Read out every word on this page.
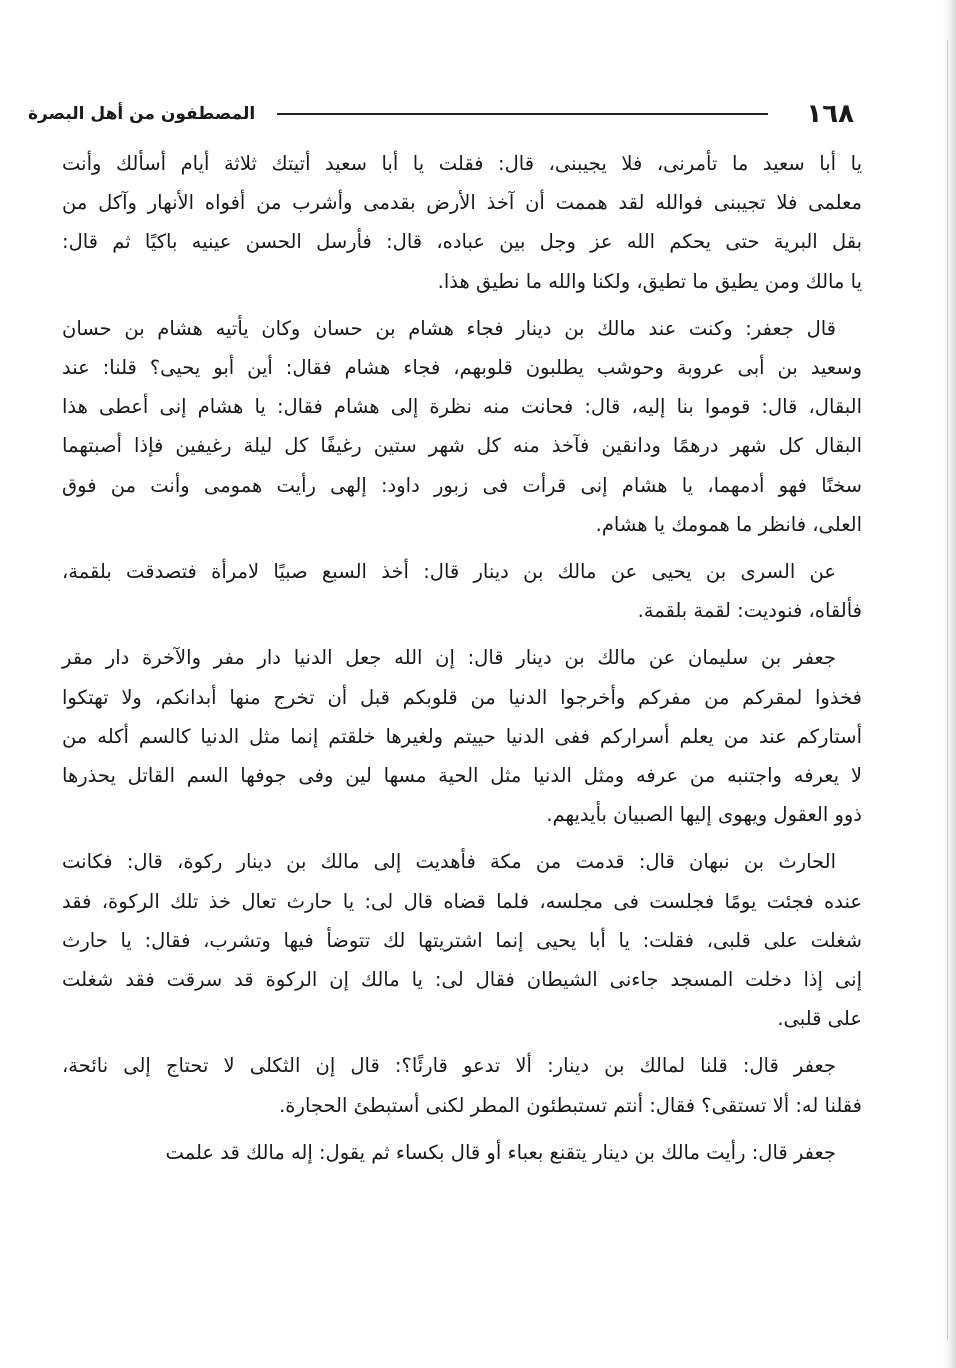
١٦٨
المصطفون من أهل البصرة
يا أبا سعيد ما تأمرنى، فلا يجيبنى، قال: فقلت يا أبا سعيد أتيتك ثلاثة أيام أسألك وأنت
معلمى فلا تجيبنى فوالله لقد هممت أن آخذ الأرض بقدمى وأشرب من أفواه الأنهار وآكل من
بقل البرية حتى يحكم الله عز وجل بين عباده، قال: فأرسل الحسن عينيه باكيًا ثم قال:
يا مالك ومن يطيق ما تطيق، ولكنا والله ما نطيق هذا.
قال جعفر: وكنت عند مالك بن دينار فجاء هشام بن حسان وكان يأتيه هشام بن حسان
وسعيد بن أبى عروبة وحوشب يطلبون قلوبهم، فجاء هشام فقال: أين أبو يحيى؟ قلنا: عند
البقال، قال: قوموا بنا إليه، قال: فحانت منه نظرة إلى هشام فقال: يا هشام إنى أعطى هذا
البقال كل شهر درهمًا ودانقين فآخذ منه كل شهر ستين رغيفًا كل ليلة رغيفين فإذا أصبتهما
سخنًا فهو أدمهما، يا هشام إنى قرأت فى زبور داود: إلهى رأيت همومى وأنت من فوق
العلى، فانظر ما همومك يا هشام.
عن السرى بن يحيى عن مالك بن دينار قال: أخذ السبع صبيًا لامرأة فتصدقت بلقمة،
فألقاه، فنوديت: لقمة بلقمة.
جعفر بن سليمان عن مالك بن دينار قال: إن الله جعل الدنيا دار مفر والآخرة دار مقر
فخذوا لمقركم من مفركم وأخرجوا الدنيا من قلوبكم قبل أن تخرج منها أبدانكم، ولا تهتكوا
أستاركم عند من يعلم أسراركم ففى الدنيا حييتم ولغيرها خلقتم إنما مثل الدنيا كالسم أكله من
لا يعرفه واجتنبه من عرفه ومثل الدنيا مثل الحية مسها لين وفى جوفها السم القاتل يحذرها
ذوو العقول ويهوى إليها الصبيان بأيديهم.
الحارث بن نبهان قال: قدمت من مكة فأهديت إلى مالك بن دينار ركوة، قال: فكانت
عنده فجئت يومًا فجلست فى مجلسه، فلما قضاه قال لى: يا حارث تعال خذ تلك الركوة، فقد
شغلت على قلبى، فقلت: يا أبا يحيى إنما اشتريتها لك تتوضأ فيها وتشرب، فقال: يا حارث
إنى إذا دخلت المسجد جاءنى الشيطان فقال لى: يا مالك إن الركوة قد سرقت فقد شغلت
على قلبى.
جعفر قال: قلنا لمالك بن دينار: ألا تدعو قارئًا؟: قال إن الثكلى لا تحتاج إلى نائحة،
فقلنا له: ألا تستقى؟ فقال: أنتم تستبطئون المطر لكنى أستبطئ الحجارة.
جعفر قال: رأيت مالك بن دينار يتقنع بعباء أو قال بكساء ثم يقول: إله مالك قد علمت
